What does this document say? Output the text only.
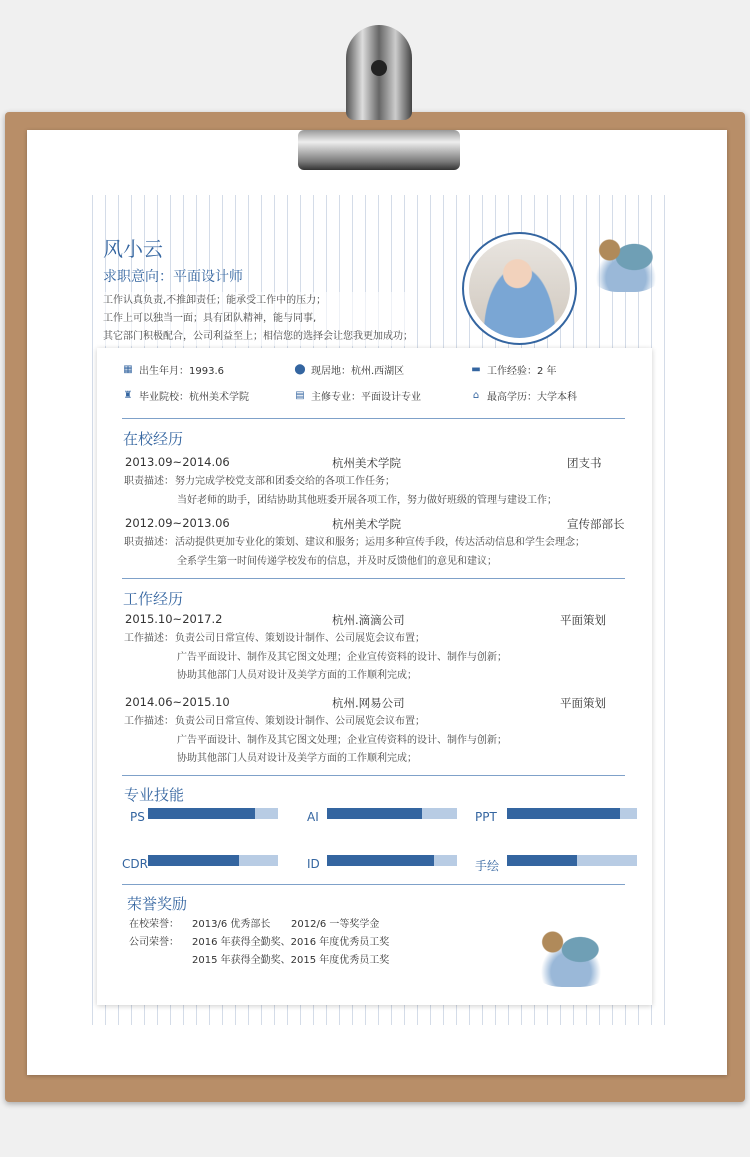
风小云
求职意向：平面设计师
工作认真负责,不推卸责任；能承受工作中的压力；
工作上可以独当一面；具有团队精神，能与同事,
其它部门积极配合，公司利益至上；相信您的选择会让您我更加成功；
▦ 出生年月：1993.6	⬤ 现居地：杭州.西湖区	▬ 工作经验：2 年
♜ 毕业院校：杭州美术学院	▤ 主修专业：平面设计专业	⌂ 最高学历：大学本科
在校经历
2013.09~2014.06	杭州美术学院	团支书
职责描述： 努力完成学校党支部和团委交给的各项工作任务；
当好老师的助手，团结协助其他班委开展各项工作，努力做好班级的管理与建设工作；
2012.09~2013.06	杭州美术学院	宣传部部长
职责描述： 活动提供更加专业化的策划、建议和服务；运用多种宣传手段，传达活动信息和学生会理念；
全系学生第一时间传递学校发布的信息，并及时反馈他们的意见和建议；
工作经历
2015.10~2017.2	杭州.滴滴公司	平面策划
工作描述： 负责公司日常宣传、策划设计制作、公司展览会议布置；
广告平面设计、制作及其它图文处理；企业宣传资料的设计、制作与创新；
协助其他部门人员对设计及美学方面的工作顺利完成；
2014.06~2015.10	杭州.网易公司	平面策划
工作描述： 负责公司日常宣传、策划设计制作、公司展览会议布置；
广告平面设计、制作及其它图文处理；企业宣传资料的设计、制作与创新；
协助其他部门人员对设计及美学方面的工作顺利完成；
专业技能
PS	AI	PPT
CDR	ID	手绘
荣誉奖励
在校荣誉： 2013/6 优秀部长 2012/6 一等奖学金
公司荣誉： 2016 年获得全勤奖、2016 年度优秀员工奖
2015 年获得全勤奖、2015 年度优秀员工奖
